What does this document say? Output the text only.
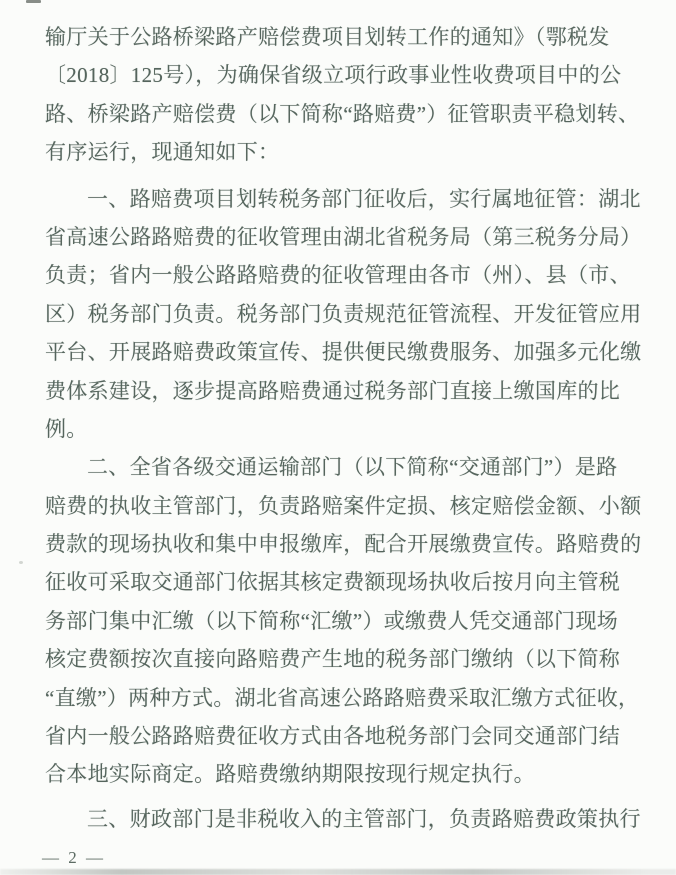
输厅关于公路桥梁路产赔偿费项目划转工作的通知》（鄂税发
〔2018〕125号），为确保省级立项行政事业性收费项目中的公
路、桥梁路产赔偿费（以下简称“路赔费”）征管职责平稳划转、
有序运行，现通知如下：
一、路赔费项目划转税务部门征收后，实行属地征管：湖北
省高速公路路赔费的征收管理由湖北省税务局（第三税务分局）
负责；省内一般公路路赔费的征收管理由各市（州）、县（市、
区）税务部门负责。税务部门负责规范征管流程、开发征管应用
平台、开展路赔费政策宣传、提供便民缴费服务、加强多元化缴
费体系建设，逐步提高路赔费通过税务部门直接上缴国库的比
例。
二、全省各级交通运输部门（以下简称“交通部门”）是路
赔费的执收主管部门，负责路赔案件定损、核定赔偿金额、小额
费款的现场执收和集中申报缴库，配合开展缴费宣传。路赔费的
征收可采取交通部门依据其核定费额现场执收后按月向主管税
务部门集中汇缴（以下简称“汇缴”）或缴费人凭交通部门现场
核定费额按次直接向路赔费产生地的税务部门缴纳（以下简称
“直缴”）两种方式。湖北省高速公路路赔费采取汇缴方式征收，
省内一般公路路赔费征收方式由各地税务部门会同交通部门结
合本地实际商定。路赔费缴纳期限按现行规定执行。
三、财政部门是非税收入的主管部门，负责路赔费政策执行
— 2 —
